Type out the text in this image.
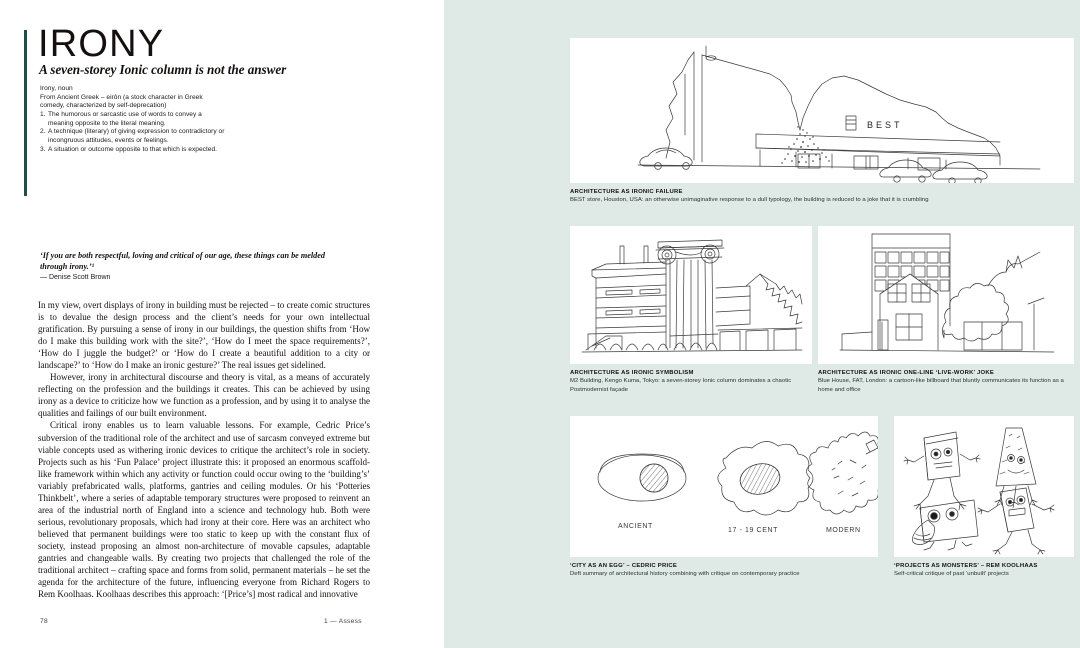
IRONY
A seven-storey Ionic column is not the answer
Irony, noun
From Ancient Greek – eirôn (a stock character in Greek comedy, characterized by self-deprecation)
The humorous or sarcastic use of words to convey a meaning opposite to the literal meaning.
A technique (literary) of giving expression to contradictory or incongruous attitudes, events or feelings.
A situation or outcome opposite to that which is expected.
‘If you are both respectful, loving and critical of our age, these things can be melded through irony.’¹
— Denise Scott Brown

In my view, overt displays of irony in building must be rejected – to create comic structures is to devalue the design process and the client’s needs for your own intellectual gratification. By pursuing a sense of irony in our buildings, the question shifts from ‘How do I make this building work with the site?’, ‘How do I meet the space requirements?’, ‘How do I juggle the budget?’ or ‘How do I create a beautiful addition to a city or landscape?’ to ‘How do I make an ironic gesture?’ The real issues get sidelined.

However, irony in architectural discourse and theory is vital, as a means of accurately reflecting on the profession and the buildings it creates. This can be achieved by using irony as a device to criticize how we function as a profession, and by using it to analyse the qualities and failings of our built environment.

Critical irony enables us to learn valuable lessons. For example, Cedric Price’s subversion of the traditional role of the architect and use of sarcasm conveyed extreme but viable concepts used as withering ironic devices to critique the architect’s role in society. Projects such as his ‘Fun Palace’ project illustrate this: it proposed an enormous scaffold-like framework within which any activity or function could occur owing to the ‘building’s’ variably prefabricated walls, platforms, gantries and ceiling modules. Or his ‘Potteries Thinkbelt’, where a series of adaptable temporary structures were proposed to reinvent an area of the industrial north of England into a science and technology hub. Both were serious, revolutionary proposals, which had irony at their core. Here was an architect who believed that permanent buildings were too static to keep up with the constant flux of society, instead proposing an almost non-architecture of movable capsules, adaptable gantries and changeable walls. By creating two projects that challenged the role of the traditional architect – crafting space and forms from solid, permanent materials – he set the agenda for the architecture of the future, influencing everyone from Richard Rogers to Rem Koolhaas. Koolhaas describes this approach: ‘[Price’s] most radical and innovative

78	1 — Assess
BEST
ARCHITECTURE AS IRONIC FAILURE
BEST store, Houston, USA: an otherwise unimaginative response to a dull typology, the building is reduced to a joke that it is crumbling
ARCHITECTURE AS IRONIC SYMBOLISM
M2 Building, Kengo Kuma, Tokyo: a seven-storey Ionic column dominates a chaotic Postmodernist façade
ARCHITECTURE AS IRONIC ONE-LINE ‘LIVE-WORK’ JOKE
Blue House, FAT, London: a cartoon-like billboard that bluntly communicates its function as a home and office
ANCIENT
17 - 19 CENT	MODERN
‘CITY AS AN EGG’ – CEDRIC PRICE
Deft summary of architectural history combining with critique on contemporary practice
‘PROJECTS AS MONSTERS’ – REM KOOLHAAS
Self-critical critique of past ‘unbuilt’ projects
